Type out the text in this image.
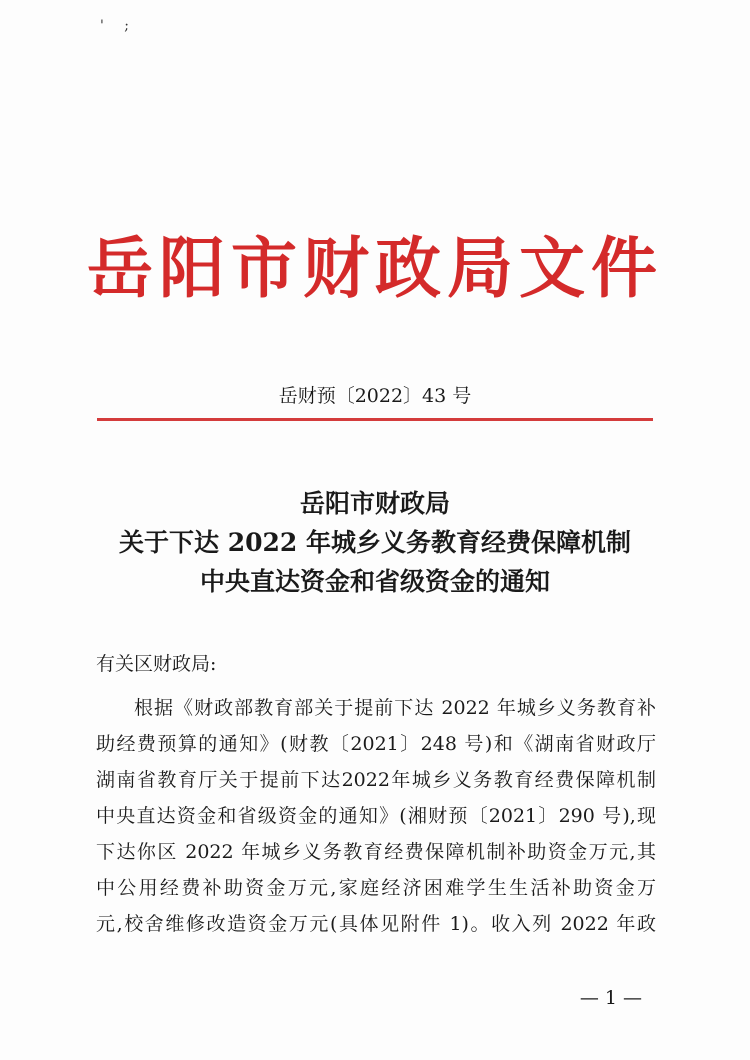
' ;
岳阳市财政局文件
岳财预〔2022〕43 号
岳阳市财政局
关于下达 2022 年城乡义务教育经费保障机制
中央直达资金和省级资金的通知
有关区财政局:
根据《财政部教育部关于提前下达 2022 年城乡义务教育补
助经费预算的通知》(财教〔2021〕248 号)和《湖南省财政厅
湖南省教育厅关于提前下达2022年城乡义务教育经费保障机制
中央直达资金和省级资金的通知》(湘财预〔2021〕290 号),现
下达你区 2022 年城乡义务教育经费保障机制补助资金万元,其
中公用经费补助资金万元,家庭经济困难学生生活补助资金万
元,校舍维修改造资金万元(具体见附件 1)。收入列 2022 年政
— 1 —
